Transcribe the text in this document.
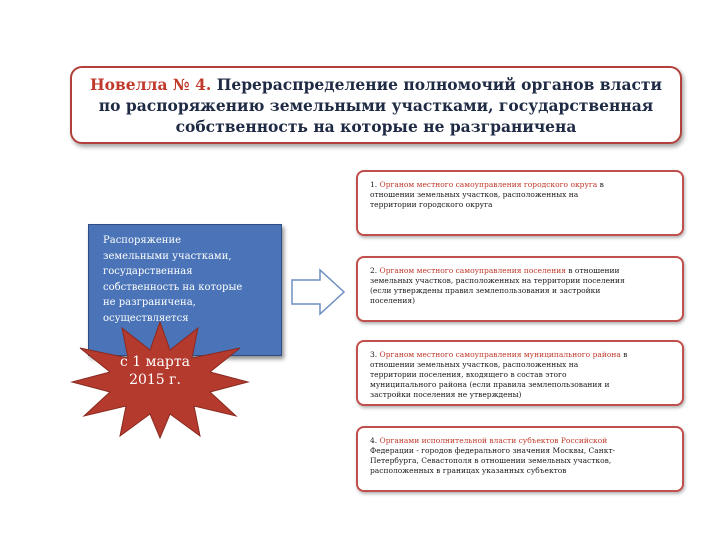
Новелла № 4. Перераспределение полномочий органов власти

по распоряжению земельными участками, государственная

собственность на которые не разграничена

Распоряжение

земельными участками,

государственная

собственность на которые

не разграничена,

осуществляется

с 1 марта

2015 г.

1. Органом местного самоуправления городского округа в

отношении земельных участков, расположенных на

территории городского округа

2. Органом местного самоуправления поселения в отношении

земельных участков, расположенных на территории поселения

(если утверждены правил землепользования и застройки

поселения)

3. Органом местного самоуправления муниципального района в

отношении земельных участков, расположенных на

территории поселения, входящего в состав этого

муниципального района (если правила землепользования и

застройки поселения не утверждены)

4. Органами исполнительной власти субъектов Российской

Федерации - городов федерального значения Москвы, Санкт-

Петербурга, Севастополя в отношении земельных участков,

расположенных в границах указанных субъектов
